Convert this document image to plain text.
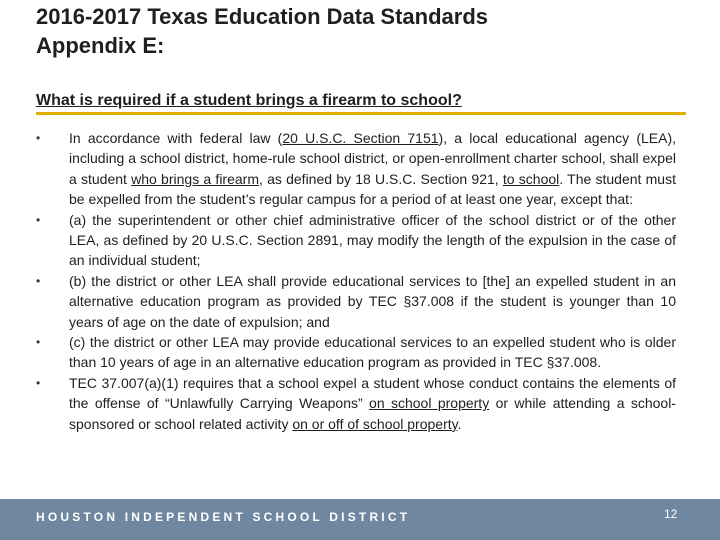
2016-2017 Texas Education Data Standards
Appendix E:
What is required if a student brings a firearm to school?
• In accordance with federal law (20 U.S.C. Section 7151), a local educational agency (LEA), including a school district, home-rule school district, or open-enrollment charter school, shall expel a student who brings a firearm, as defined by 18 U.S.C. Section 921, to school. The student must be expelled from the student’s regular campus for a period of at least one year, except that:
• (a) the superintendent or other chief administrative officer of the school district or of the other LEA, as defined by 20 U.S.C. Section 2891, may modify the length of the expulsion in the case of an individual student;
• (b) the district or other LEA shall provide educational services to [the] an expelled student in an alternative education program as provided by TEC §37.008 if the student is younger than 10 years of age on the date of expulsion; and
• (c) the district or other LEA may provide educational services to an expelled student who is older than 10 years of age in an alternative education program as provided in TEC §37.008.
• TEC 37.007(a)(1) requires that a school expel a student whose conduct contains the elements of the offense of “Unlawfully Carrying Weapons” on school property or while attending a school-sponsored or school related activity on or off of school property.
HOUSTON INDEPENDENT SCHOOL DISTRICT	12
